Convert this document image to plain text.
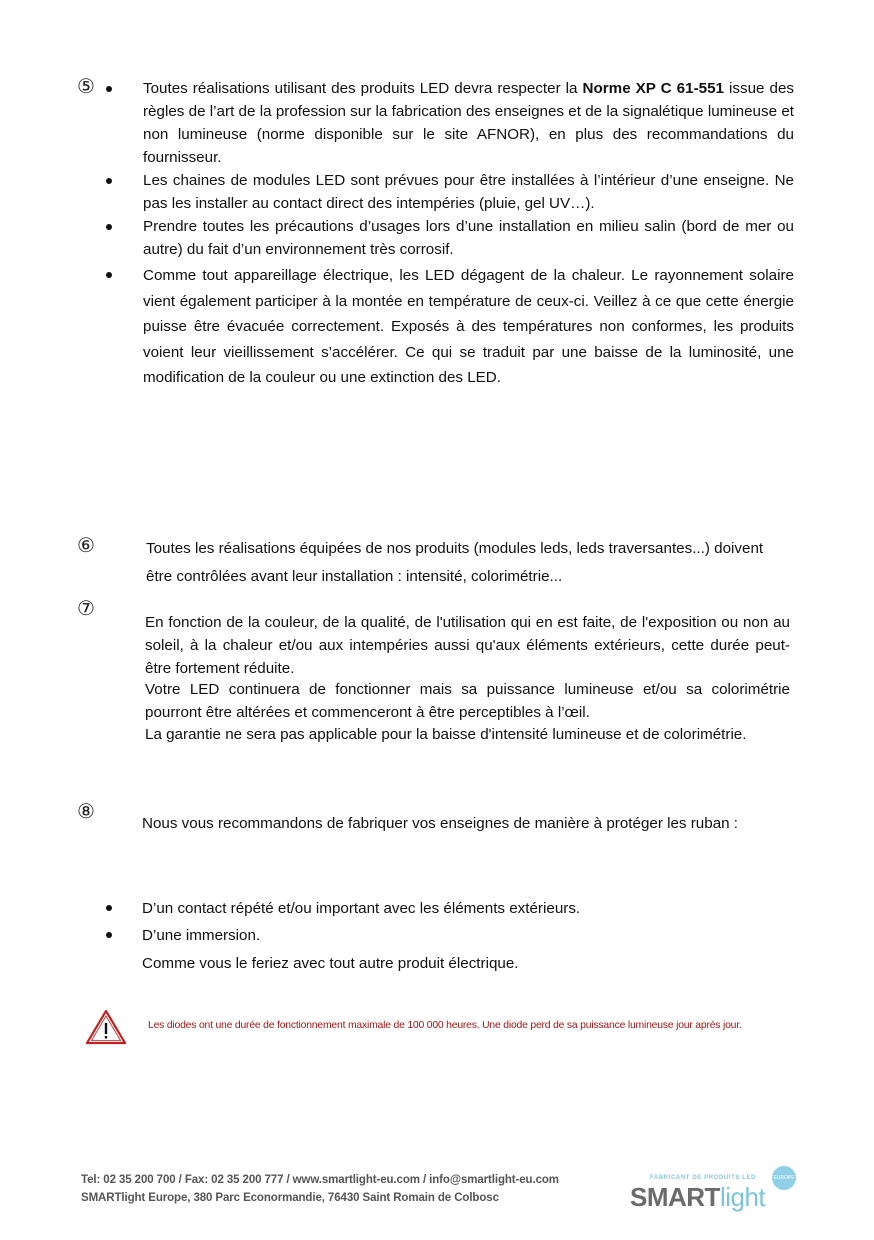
⑤	Toutes réalisations utilisant des produits LED devra respecter la Norme XP C 61-551 issue des règles de l’art de la profession sur la fabrication des enseignes et de la signalétique lumineuse et non lumineuse (norme disponible sur le site AFNOR), en plus des recommandations du fournisseur.
Les chaines de modules LED sont prévues pour être installées à l’intérieur d’une enseigne. Ne pas les installer au contact direct des intempéries (pluie, gel UV…).
Prendre toutes les précautions d’usages lors d’une installation en milieu salin (bord de mer ou autre) du fait d’un environnement très corrosif.
Comme tout appareillage électrique, les LED dégagent de la chaleur. Le rayonnement solaire vient également participer à la montée en température de ceux-ci. Veillez à ce que cette énergie puisse être évacuée correctement. Exposés à des températures non conformes, les produits voient leur vieillissement s’accélérer. Ce qui se traduit par une baisse de la luminosité, une modification de la couleur ou une extinction des LED.
⑥	Toutes les réalisations équipées de nos produits (modules leds, leds traversantes...) doivent être contrôlées avant leur installation : intensité, colorimétrie...
⑦
En fonction de la couleur, de la qualité, de l'utilisation qui en est faite, de l'exposition ou non au soleil, à la chaleur et/ou aux intempéries aussi qu'aux éléments extérieurs, cette durée peut-être fortement réduite.
Votre LED continuera de fonctionner mais sa puissance lumineuse et/ou sa colorimétrie pourront être altérées et commenceront à être perceptibles à l’œil.
La garantie ne sera pas applicable pour la baisse d'intensité lumineuse et de colorimétrie.
⑧
Nous vous recommandons de fabriquer vos enseignes de manière à protéger les ruban :
D’un contact répété et/ou important avec les éléments extérieurs.
D’une immersion.
Comme vous le feriez avec tout autre produit électrique.
Les diodes ont une durée de fonctionnement maximale de 100 000 heures. Une diode perd de sa puissance lumineuse jour après jour.
Tel: 02 35 200 700 / Fax: 02 35 200 777 / www.smartlight-eu.com / info@smartlight-eu.com
SMARTlight Europe, 380 Parc Econormandie, 76430 Saint Romain de Colbosc
FABRICANT DE PRODUITS LED
SMARTlight
EUROPE
